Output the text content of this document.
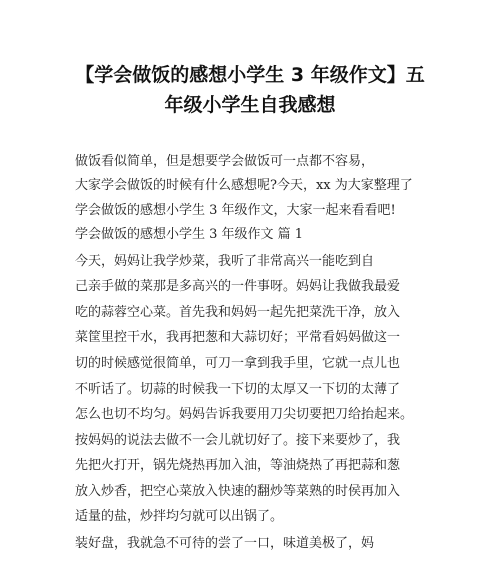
【学会做饭的感想小学生 3 年级作文】五
年级小学生自我感想
做饭看似简单，但是想要学会做饭可一点都不容易，
大家学会做饭的时候有什么感想呢?今天，xx 为大家整理了
学会做饭的感想小学生 3 年级作文，大家一起来看看吧!
学会做饭的感想小学生 3 年级作文 篇 1
今天，妈妈让我学炒菜，我听了非常高兴一能吃到自
己亲手做的菜那是多高兴的一件事呀。妈妈让我做我最爱
吃的蒜蓉空心菜。首先我和妈妈一起先把菜洗干净，放入
菜筐里控干水，我再把葱和大蒜切好；平常看妈妈做这一
切的时候感觉很简单，可刀一拿到我手里，它就一点儿也
不听话了。切蒜的时候我一下切的太厚又一下切的太薄了
怎么也切不均匀。妈妈告诉我要用刀尖切要把刀给抬起来。
按妈妈的说法去做不一会儿就切好了。接下来要炒了，我
先把火打开，锅先烧热再加入油，等油烧热了再把蒜和葱
放入炒香，把空心菜放入快速的翻炒等菜熟的时侯再加入
适量的盐，炒拌均匀就可以出锅了。
装好盘，我就急不可待的尝了一口，味道美极了，妈
